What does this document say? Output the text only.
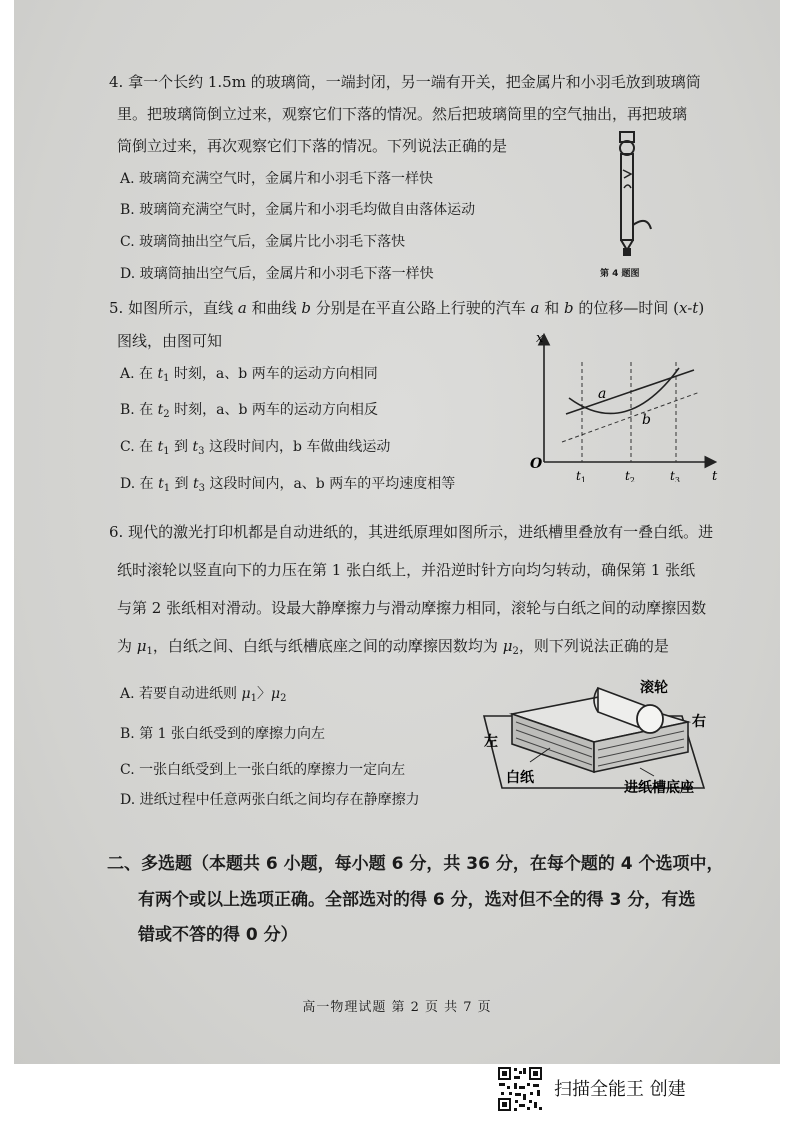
4. 拿一个长约 1.5m 的玻璃筒，一端封闭，另一端有开关，把金属片和小羽毛放到玻璃筒
里。把玻璃筒倒立过来，观察它们下落的情况。然后把玻璃筒里的空气抽出，再把玻璃
筒倒立过来，再次观察它们下落的情况。下列说法正确的是
A. 玻璃筒充满空气时，金属片和小羽毛下落一样快
B. 玻璃筒充满空气时，金属片和小羽毛均做自由落体运动
C. 玻璃筒抽出空气后，金属片比小羽毛下落快
D. 玻璃筒抽出空气后，金属片和小羽毛下落一样快	第 4 题图
5. 如图所示，直线 a 和曲线 b 分别是在平直公路上行驶的汽车 a 和 b 的位移—时间 (x-t)
图线，由图可知
A. 在 $t_1$ 时刻，a、b 两车的运动方向相同
B. 在 $t_2$ 时刻，a、b 两车的运动方向相反
C. 在 $t_1$ 到 $t_3$ 这段时间内，b 车做曲线运动
D. 在 $t_1$ 到 $t_3$ 这段时间内，a、b 两车的平均速度相等
x
t
O
a
b
$t_1$	$t_2$	$t_3$
6. 现代的激光打印机都是自动进纸的，其进纸原理如图所示，进纸槽里叠放有一叠白纸。进
纸时滚轮以竖直向下的力压在第 1 张白纸上，并沿逆时针方向均匀转动，确保第 1 张纸
与第 2 张纸相对滑动。设最大静摩擦力与滑动摩擦力相同，滚轮与白纸之间的动摩擦因数
为 $\mu_1$，白纸之间、白纸与纸槽底座之间的动摩擦因数均为 $\mu_2$，则下列说法正确的是
A. 若要自动进纸则 $\mu_1$〉$\mu_2$
B. 第 1 张白纸受到的摩擦力向左
C. 一张白纸受到上一张白纸的摩擦力一定向左
D. 进纸过程中任意两张白纸之间均存在静摩擦力
滚轮
右
左
白纸
进纸槽底座
二、多选题（本题共 6 小题，每小题 6 分，共 36 分，在每个题的 4 个选项中，
有两个或以上选项正确。全部选对的得 6 分，选对但不全的得 3 分，有选
错或不答的得 0 分）
高一物理试题 第 2 页 共 7 页
扫描全能王 创建
